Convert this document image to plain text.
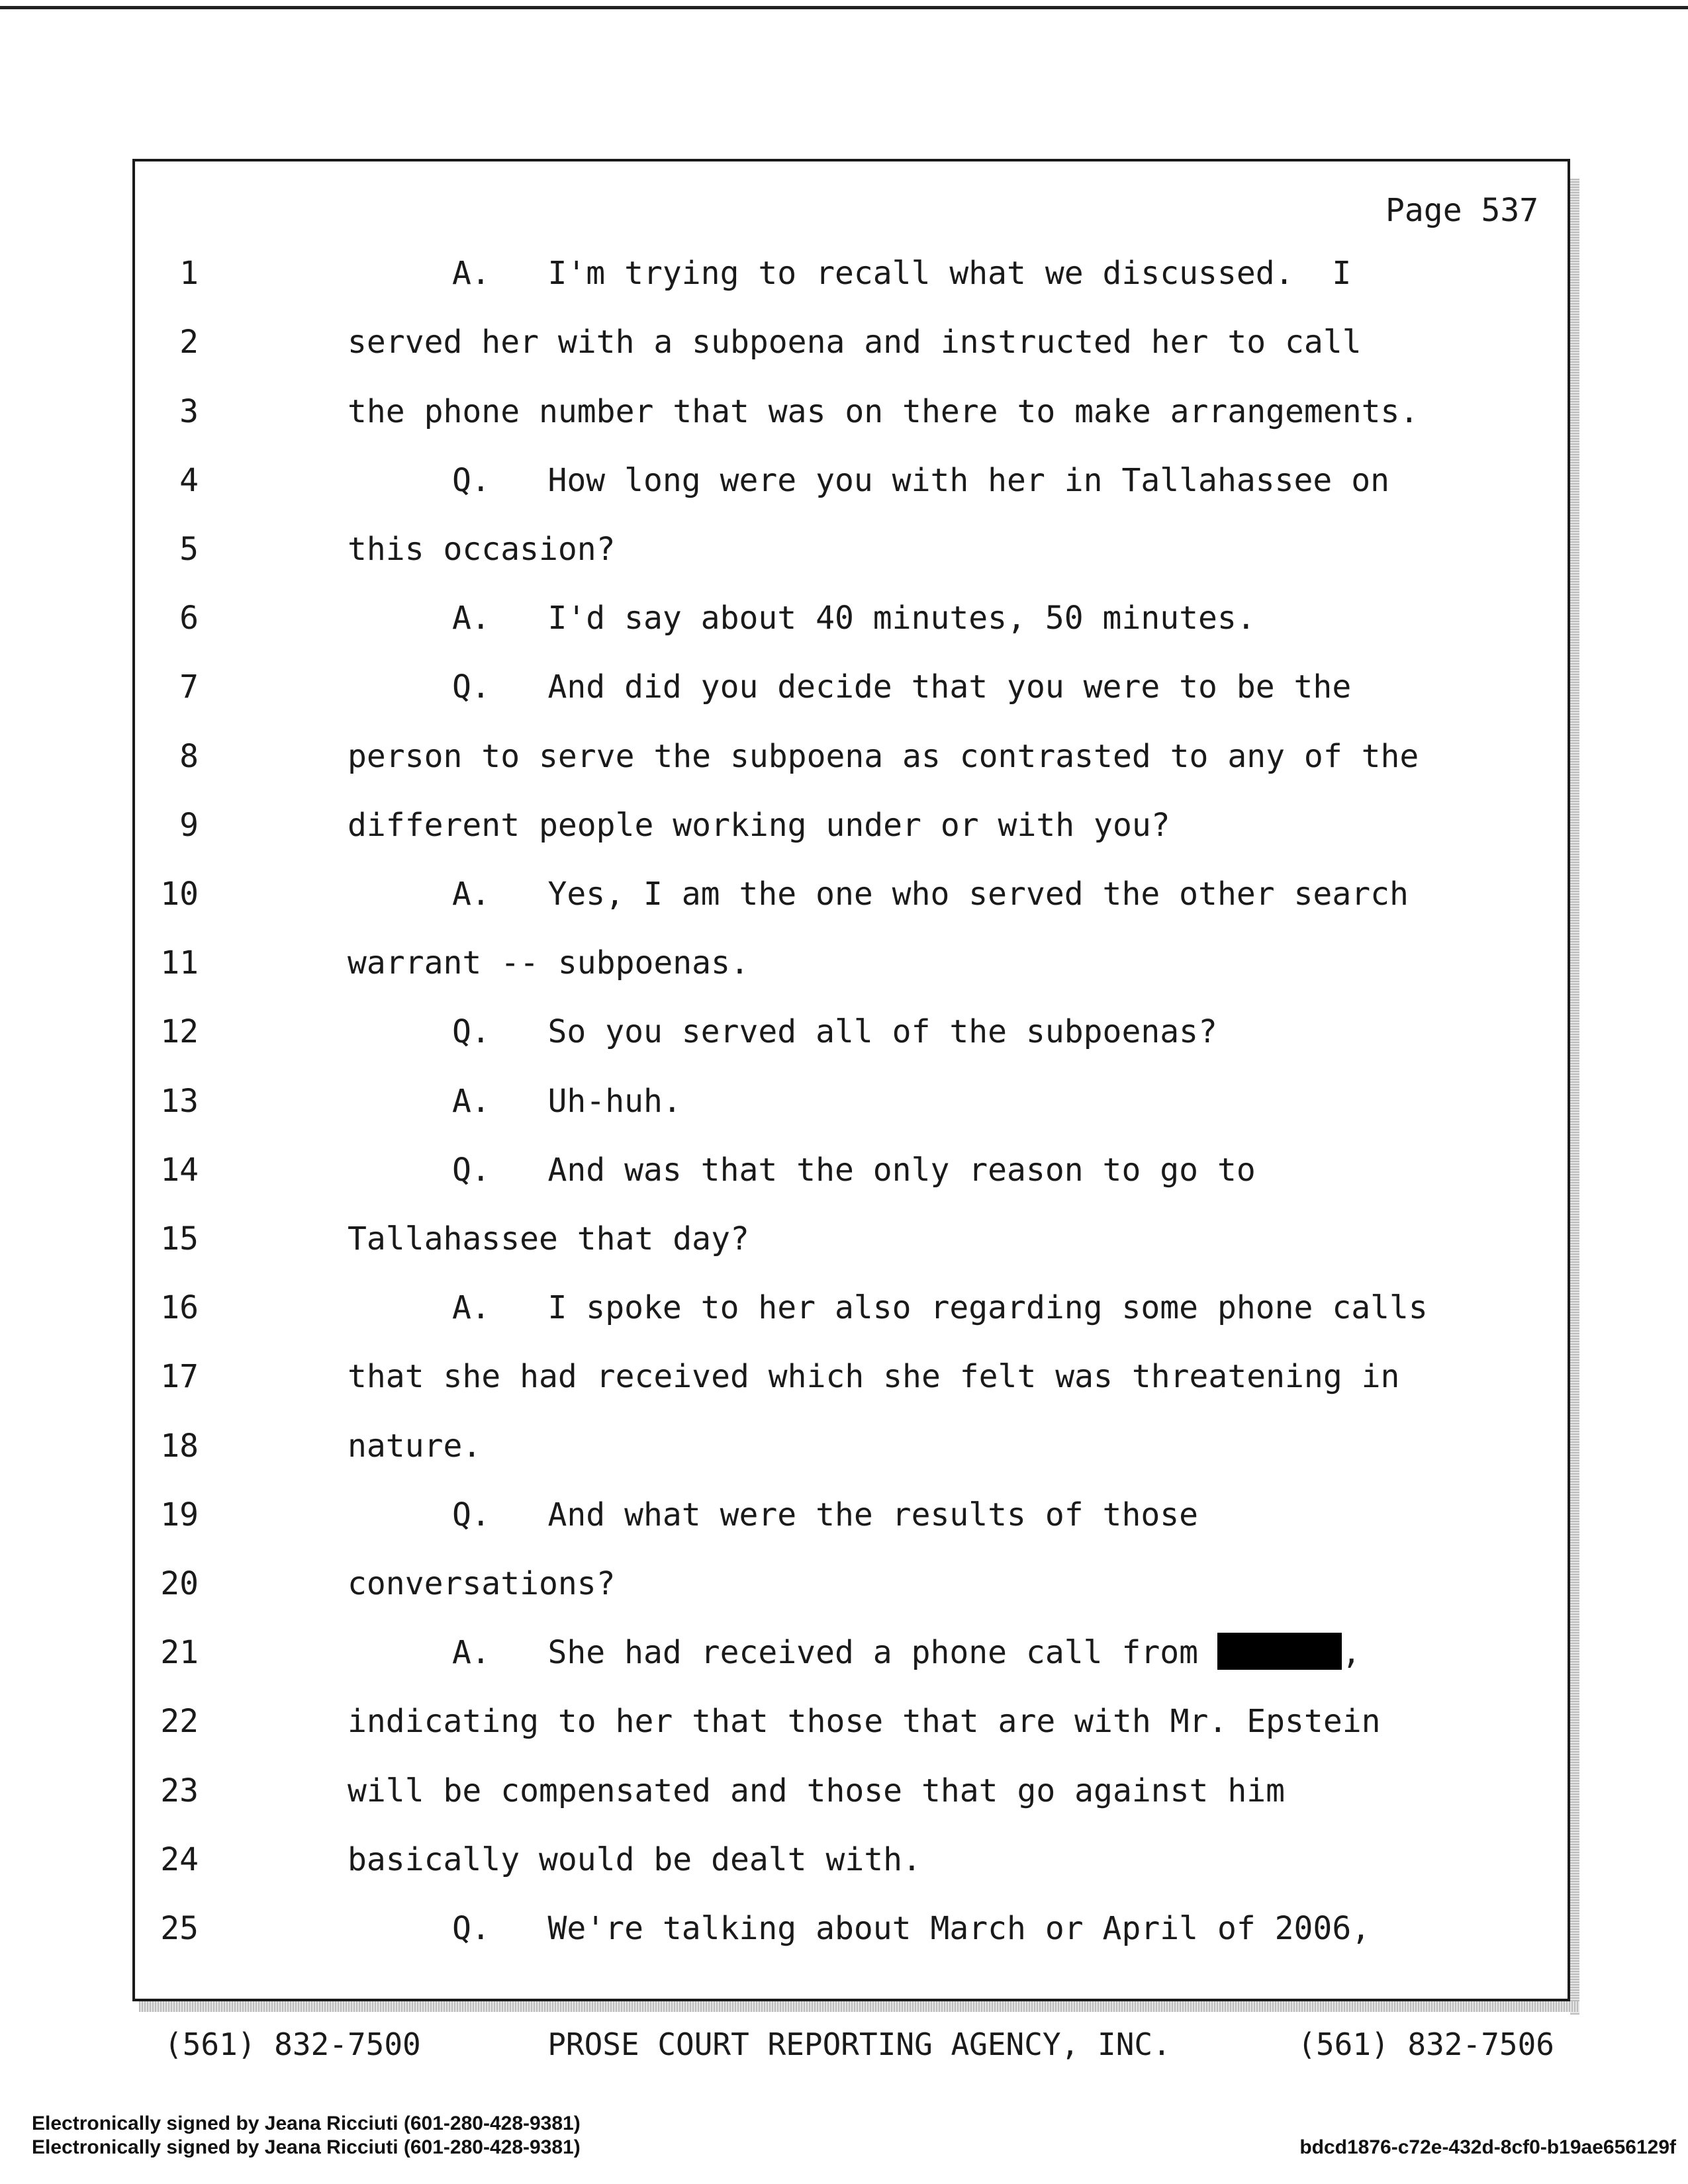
Page 537
1	A.   I'm trying to recall what we discussed.  I
2	served her with a subpoena and instructed her to call
3	the phone number that was on there to make arrangements.
4	Q.   How long were you with her in Tallahassee on
5	this occasion?
6	A.   I'd say about 40 minutes, 50 minutes.
7	Q.   And did you decide that you were to be the
8	person to serve the subpoena as contrasted to any of the
9	different people working under or with you?
10	A.   Yes, I am the one who served the other search
11	warrant -- subpoenas.
12	Q.   So you served all of the subpoenas?
13	A.   Uh-huh.
14	Q.   And was that the only reason to go to
15	Tallahassee that day?
16	A.   I spoke to her also regarding some phone calls
17	that she had received which she felt was threatening in
18	nature.
19	Q.   And what were the results of those
20	conversations?
21	A.   She had received a phone call from	,
22	indicating to her that those that are with Mr. Epstein
23	will be compensated and those that go against him
24	basically would be dealt with.
25	Q.   We're talking about March or April of 2006,
(561) 832-7500	PROSE COURT REPORTING AGENCY, INC.	(561) 832-7506
Electronically signed by Jeana Ricciuti (601-280-428-9381)
Electronically signed by Jeana Ricciuti (601-280-428-9381)	bdcd1876-c72e-432d-8cf0-b19ae656129f
